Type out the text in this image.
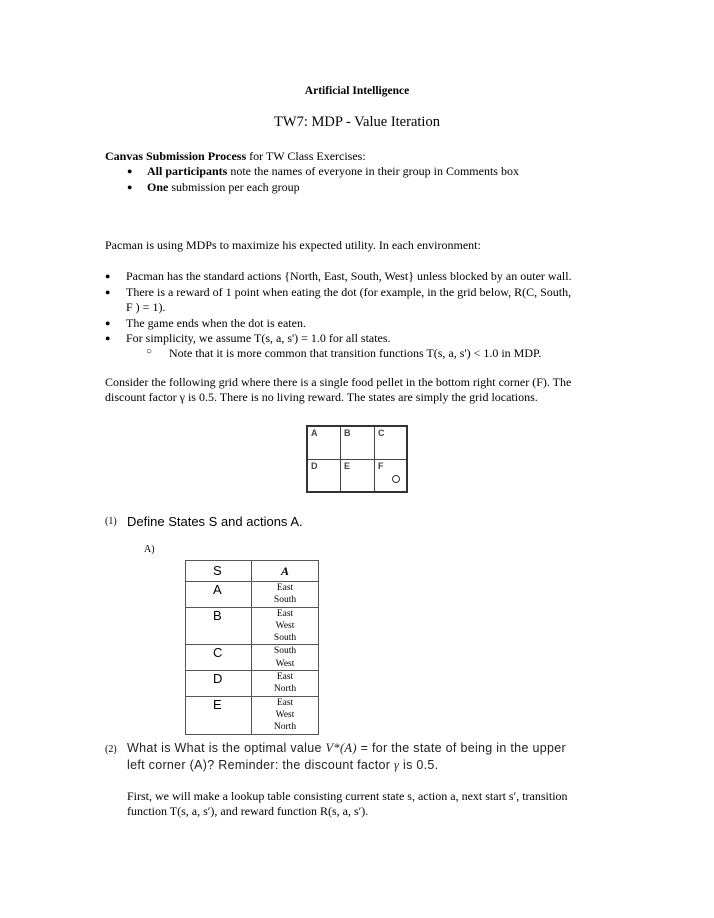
Artificial Intelligence
TW7: MDP - Value Iteration
Canvas Submission Process for TW Class Exercises:
● All participants note the names of everyone in their group in Comments box
● One submission per each group
Pacman is using MDPs to maximize his expected utility. In each environment:
● Pacman has the standard actions {North, East, South, West} unless blocked by an outer wall.
● There is a reward of 1 point when eating the dot (for example, in the grid below, R(C, South,
F ) = 1).
● The game ends when the dot is eaten.
● For simplicity, we assume T(s, a, s') = 1.0 for all states.
○ Note that it is more common that transition functions T(s, a, s') < 1.0 in MDP.
Consider the following grid where there is a single food pellet in the bottom right corner (F). The
discount factor γ is 0.5. There is no living reward. The states are simply the grid locations.
A	B	C
D	E	F
(1) Define States S and actions A.
A)
S	A
A	East
South

B	East
West
South

C	South
West

D	East
North

E	East
West
North
(2) What is What is the optimal value V*(A) = for the state of being in the upper
left corner (A)? Reminder: the discount factor γ is 0.5.
First, we will make a lookup table consisting current state s, action a, next start s′, transition
function T(s, a, s′), and reward function R(s, a, s′).
